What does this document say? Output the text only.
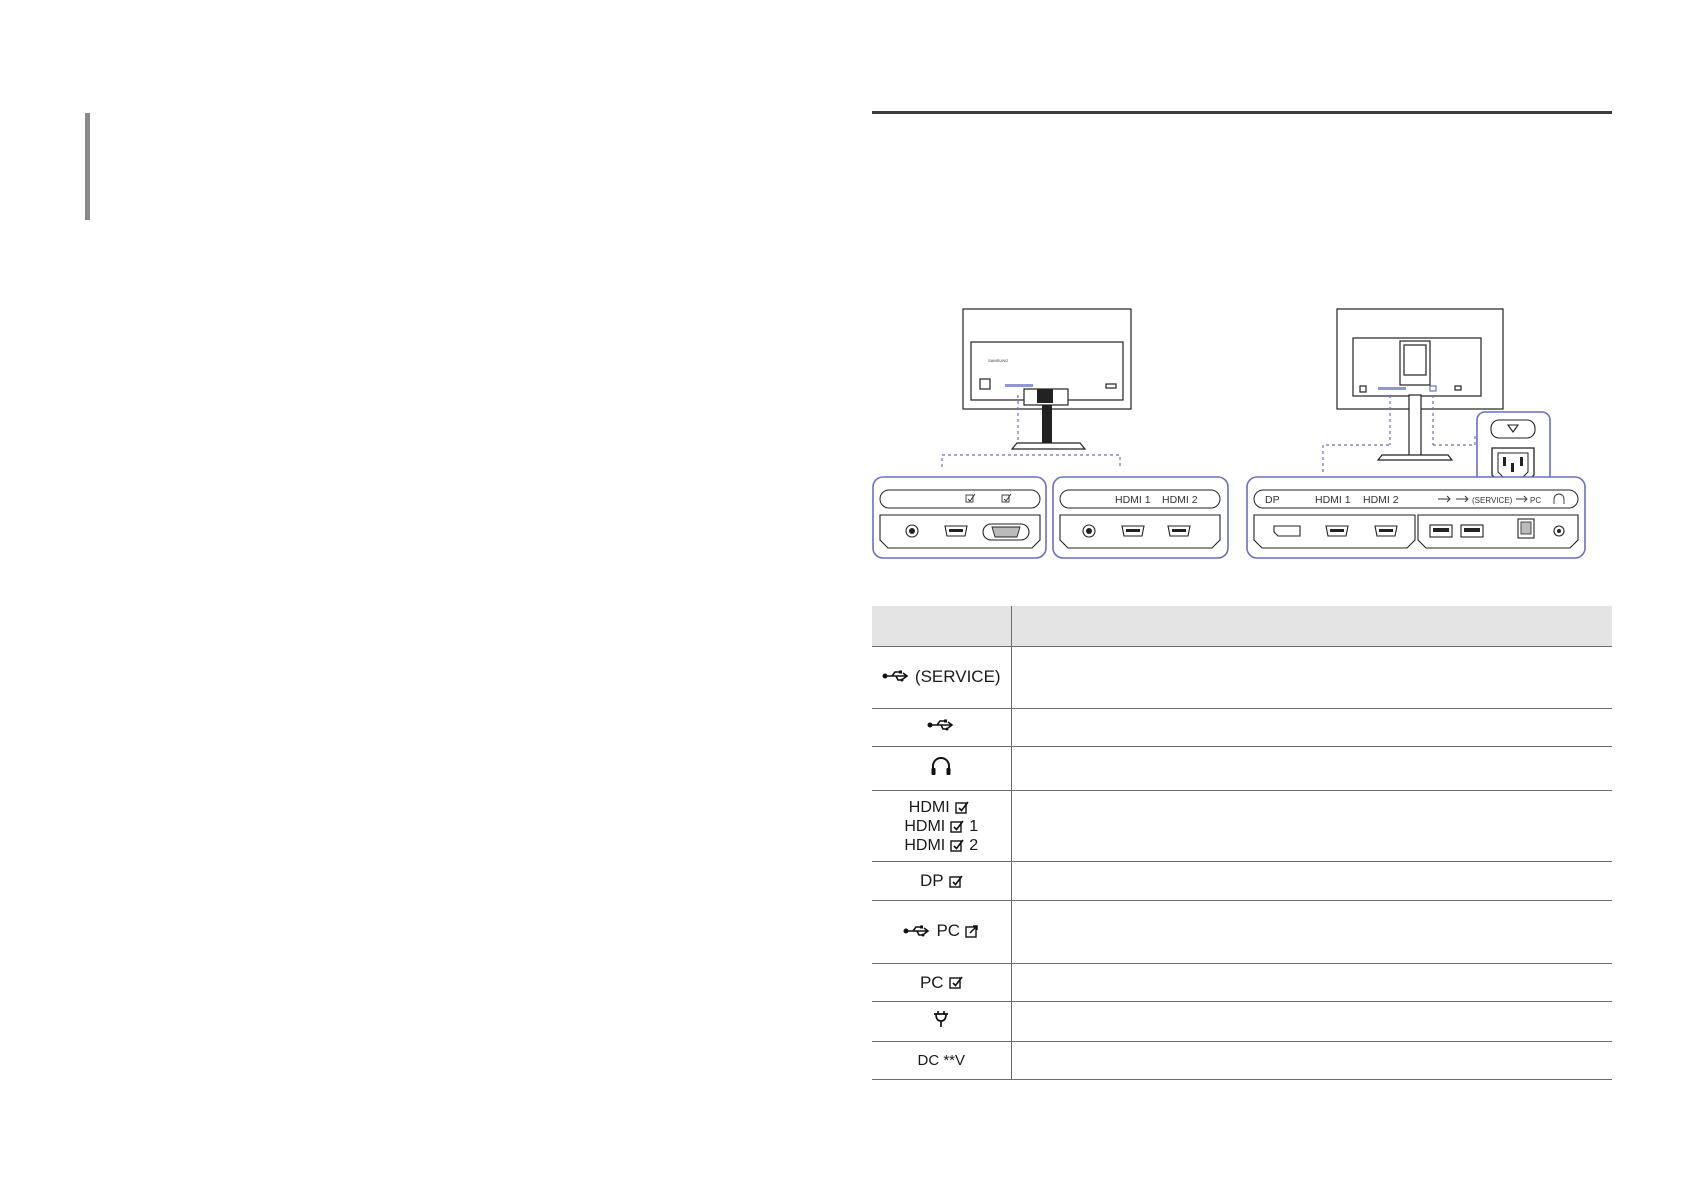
SAMSUNG
HDMI 1 HDMI 2	DP	HDMI 1 HDMI 2	(SERVICE) PC

(SERVICE)	

HDMI
HDMI 1
HDMI 2	

DP	

PC	

PC	

DC **V	
